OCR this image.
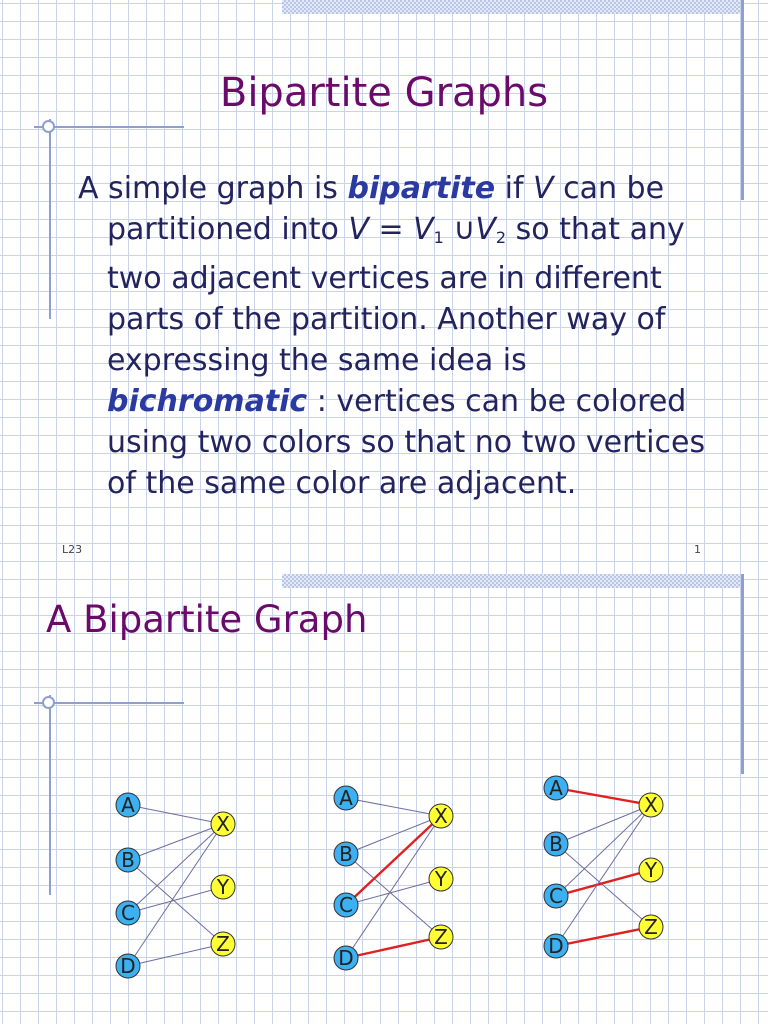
Bipartite Graphs
A simple graph is bipartite if V can be
partitioned into $V = V_1$ $\cup V_2$ so that any
two adjacent vertices are in different
parts of the partition. Another way of
expressing the same idea is
bichromatic : vertices can be colored
using two colors so that no two vertices
of the same color are adjacent.
L23	1
A Bipartite Graph
A
B
C
D
X
Y
Z
A
B
C
D
X
Y
Z
A
B
C
D
X
Y
Z
